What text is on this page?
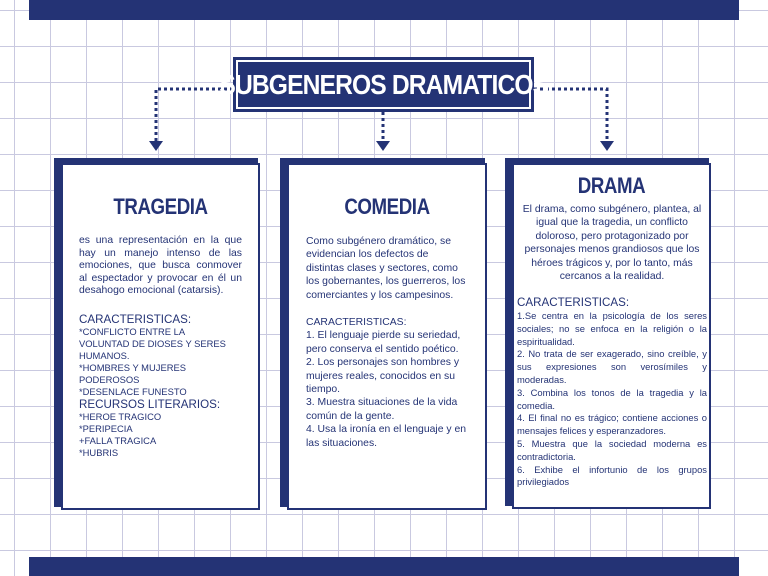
SUBGENEROS DRAMATICOS
TRAGEDIA

es una representación en la que hay un manejo intenso de las emociones, que busca conmover al espectador y provocar en él un desahogo emocional (catarsis).

CARACTERISTICAS:
*CONFLICTO ENTRE LA VOLUNTAD DE DIOSES Y SERES HUMANOS.
*HOMBRES Y MUJERES PODEROSOS
*DESENLACE FUNESTO
RECURSOS LITERARIOS:
*HEROE TRAGICO
*PERIPECIA
+FALLA TRAGICA
*HUBRIS
COMEDIA

Como subgénero dramático, se evidencian los defectos de distintas clases y sectores, como los gobernantes, los guerreros, los comerciantes y los campesinos.

CARACTERISTICAS:
1. El lenguaje pierde su seriedad, pero conserva el sentido poético.
2. Los personajes son hombres y mujeres reales, conocidos en su tiempo.
3. Muestra situaciones de la vida común de la gente.
4. Usa la ironía en el lenguaje y en las situaciones.
DRAMA

El drama, como subgénero, plantea, al igual que la tragedia, un conflicto doloroso, pero protagonizado por personajes menos grandiosos que los héroes trágicos y, por lo tanto, más cercanos a la realidad.

CARACTERISTICAS:
1.Se centra en la psicología de los seres sociales; no se enfoca en la religión o la espiritualidad.
2. No trata de ser exagerado, sino creíble, y sus expresiones son verosímiles y moderadas.
3. Combina los tonos de la tragedia y la comedia.
4. El final no es trágico; contiene acciones o mensajes felices y esperanzadores.
5. Muestra que la sociedad moderna es contradictoria.
6. Exhibe el infortunio de los grupos privilegiados
